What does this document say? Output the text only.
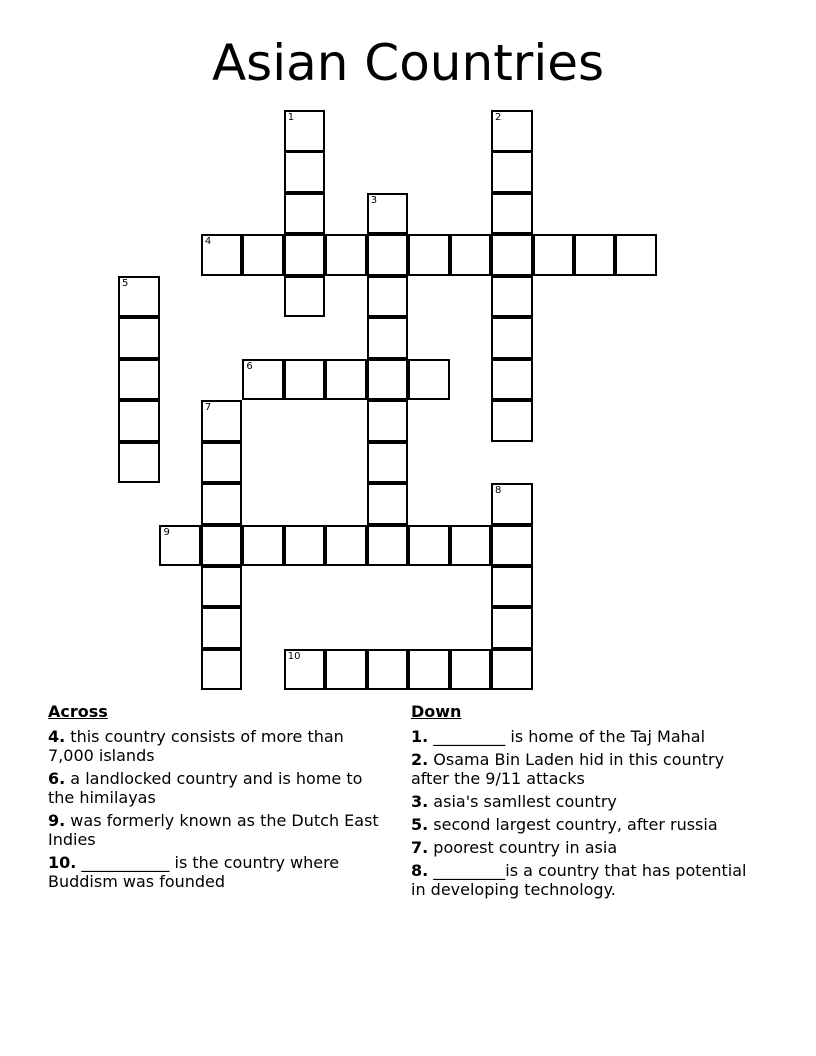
Asian Countries
1	2
3
4
5
6
7
8
9
10
Across
4. this country consists of more than 7,000 islands
6. a landlocked country and is home to the himilayas
9. was formerly known as the Dutch East Indies
10. ___________ is the country where Buddism was founded
Down
1. _________ is home of the Taj Mahal
2. Osama Bin Laden hid in this country after the 9/11 attacks
3. asia's samllest country
5. second largest country, after russia
7. poorest country in asia
8. _________is a country that has potential in developing technology.
